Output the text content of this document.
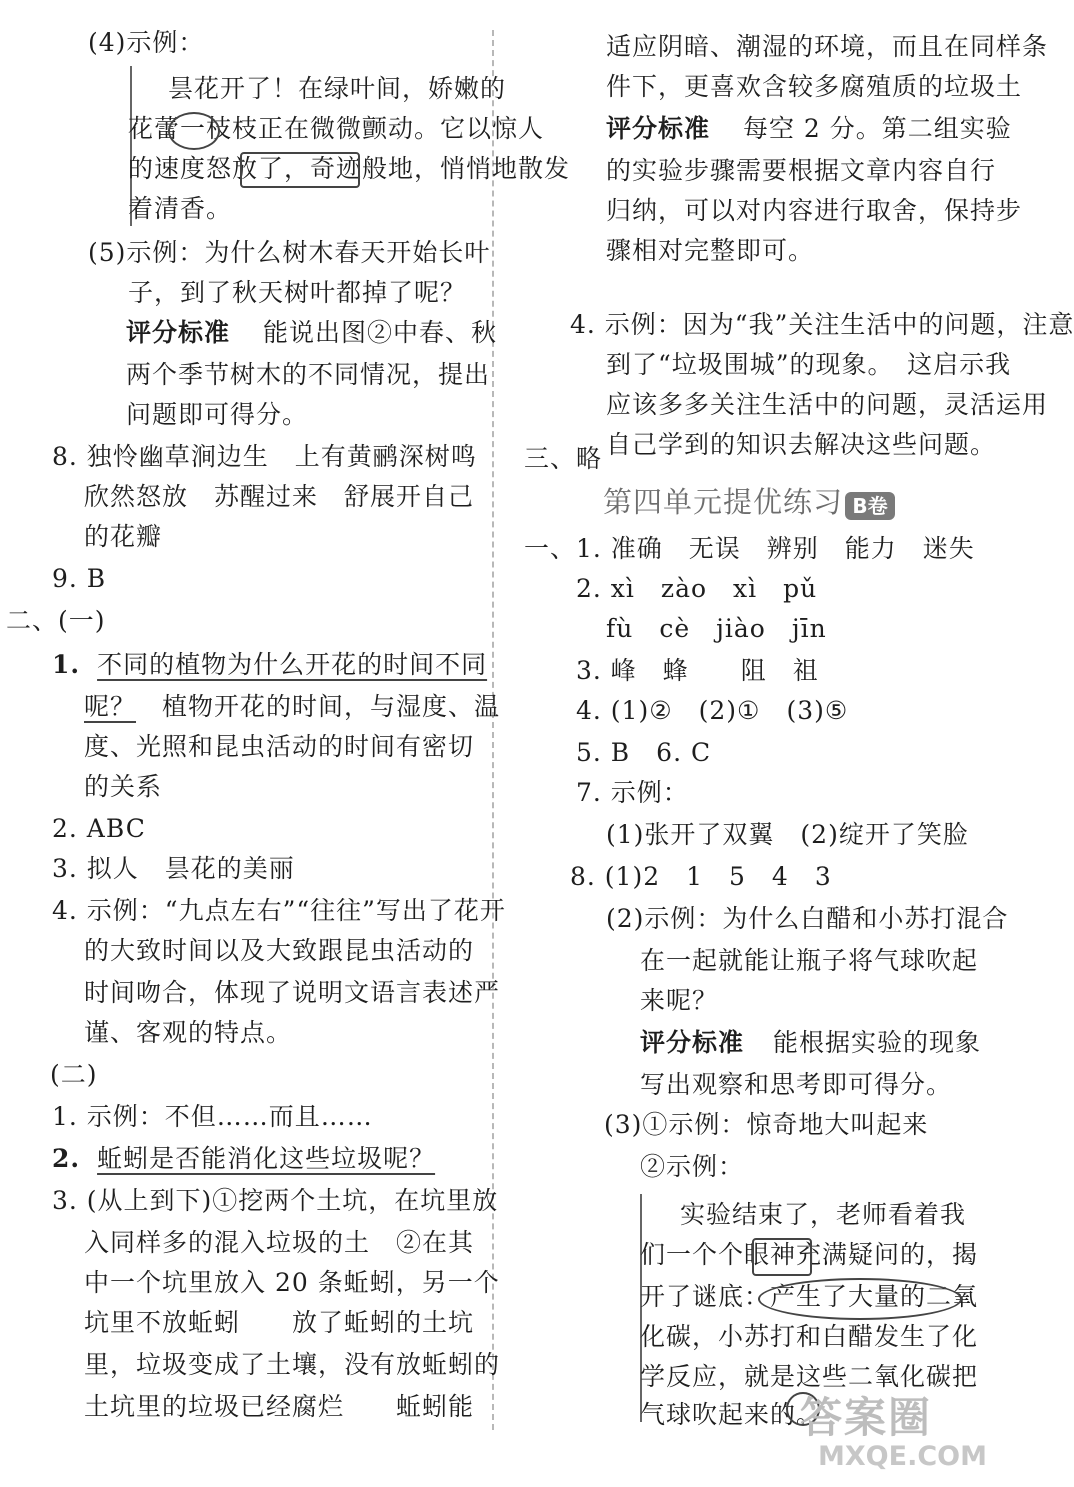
(4)示例：
昙花开了！在绿叶间，娇嫩的
花蕾一枝枝正在微微颤动。它以惊人
的速度怒放了，奇迹般地，悄悄地散发
着清香。
(5)示例：为什么树木春天开始长叶
子，到了秋天树叶都掉了呢？
评分标准 能说出图②中春、秋
两个季节树木的不同情况，提出
问题即可得分。
8. 独怜幽草涧边生　上有黄鹂深树鸣
欣然怒放　苏醒过来　舒展开自己
的花瓣
9. B
二、(一)
1. 不同的植物为什么开花的时间不同
呢？　植物开花的时间，与湿度、温
度、光照和昆虫活动的时间有密切
的关系
2. ABC
3. 拟人　昙花的美丽
4. 示例：“九点左右”“往往”写出了花开
的大致时间以及大致跟昆虫活动的
时间吻合，体现了说明文语言表述严
谨、客观的特点。
(二)
1. 示例：不但……而且……
2. 蚯蚓是否能消化这些垃圾呢？
3. (从上到下)①挖两个土坑，在坑里放
入同样多的混入垃圾的土　②在其
中一个坑里放入 20 条蚯蚓，另一个
坑里不放蚯蚓　　放了蚯蚓的土坑
里，垃圾变成了土壤，没有放蚯蚓的
土坑里的垃圾已经腐烂　　蚯蚓能
适应阴暗、潮湿的环境，而且在同样条
件下，更喜欢含较多腐殖质的垃圾土
评分标准 每空 2 分。第二组实验
的实验步骤需要根据文章内容自行
归纳，可以对内容进行取舍，保持步
骤相对完整即可。
4. 示例：因为“我”关注生活中的问题，注意
到了“垃圾围城”的现象。　这启示我
应该多多关注生活中的问题，灵活运用
自己学到的知识去解决这些问题。
三、略
第四单元提优练习 B卷
一、1. 准确　无误　辨别　能力　迷失
2. xì　zào　xì　pǔ
fù　cè　jiào　jīn
3. 峰　蜂　　阻　祖
4. (1)②　(2)①　(3)⑤
5. B　6. C
7. 示例：
(1)张开了双翼　(2)绽开了笑脸
8. (1)2　1　5　4　3
(2)示例：为什么白醋和小苏打混合
在一起就能让瓶子将气球吹起
来呢？
评分标准 能根据实验的现象
写出观察和思考即可得分。
(3)①示例：惊奇地大叫起来
②示例：
实验结束了，老师看着我
们一个个眼神充满疑问的，揭
开了谜底：产生了大量的二氧
化碳，小苏打和白醋发生了化
学反应，就是这些二氧化碳把
气球吹起来的。
答案圈
MXQE.COM
